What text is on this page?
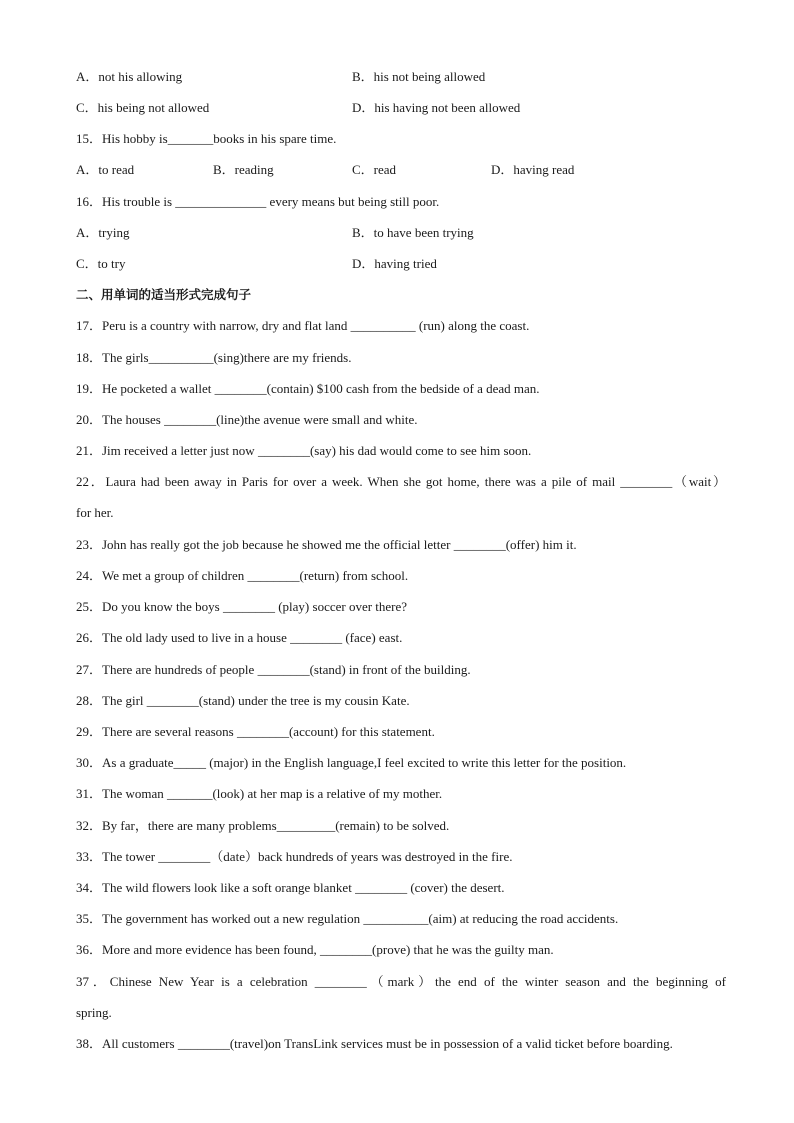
A．not his allowing	B．his not being allowed
C．his being not allowed	D．his having not been allowed
15．His hobby is_______books in his spare time.
A．to read	B．reading	C．read	D．having read
16．His trouble is ______________ every means but being still poor.
A．trying	B．to have been trying
C．to try	D．having tried
二、用单词的适当形式完成句子
17．Peru is a country with narrow, dry and flat land __________ (run) along the coast.
18．The girls__________(sing)there are my friends.
19．He pocketed a wallet ________(contain) $100 cash from the bedside of a dead man.
20．The houses ________(line)the avenue were small and white.
21．Jim received a letter just now ________(say) his dad would come to see him soon.
22．Laura had been away in Paris for over a week. When she got home, there was a pile of mail ________（wait）
for her.
23．John has really got the job because he showed me the official letter ________(offer) him it.
24．We met a group of children ________(return) from school.
25．Do you know the boys ________ (play) soccer over there?
26．The old lady used to live in a house ________ (face) east.
27．There are hundreds of people ________(stand) in front of the building.
28．The girl ________(stand) under the tree is my cousin Kate.
29．There are several reasons ________(account) for this statement.
30．As a graduate_____ (major) in the English language,I feel excited to write this letter for the position.
31．The woman _______(look) at her map is a relative of my mother.
32．By far，there are many problems_________(remain) to be solved.
33．The tower ________（date）back hundreds of years was destroyed in the fire.
34．The wild flowers look like a soft orange blanket ________ (cover) the desert.
35．The government has worked out a new regulation __________(aim) at reducing the road accidents.
36．More and more evidence has been found, ________(prove) that he was the guilty man.
37．Chinese New Year is a celebration ________（mark）the end of the winter season and the beginning of
spring.
38．All customers ________(travel)on TransLink services must be in possession of a valid ticket before boarding.
